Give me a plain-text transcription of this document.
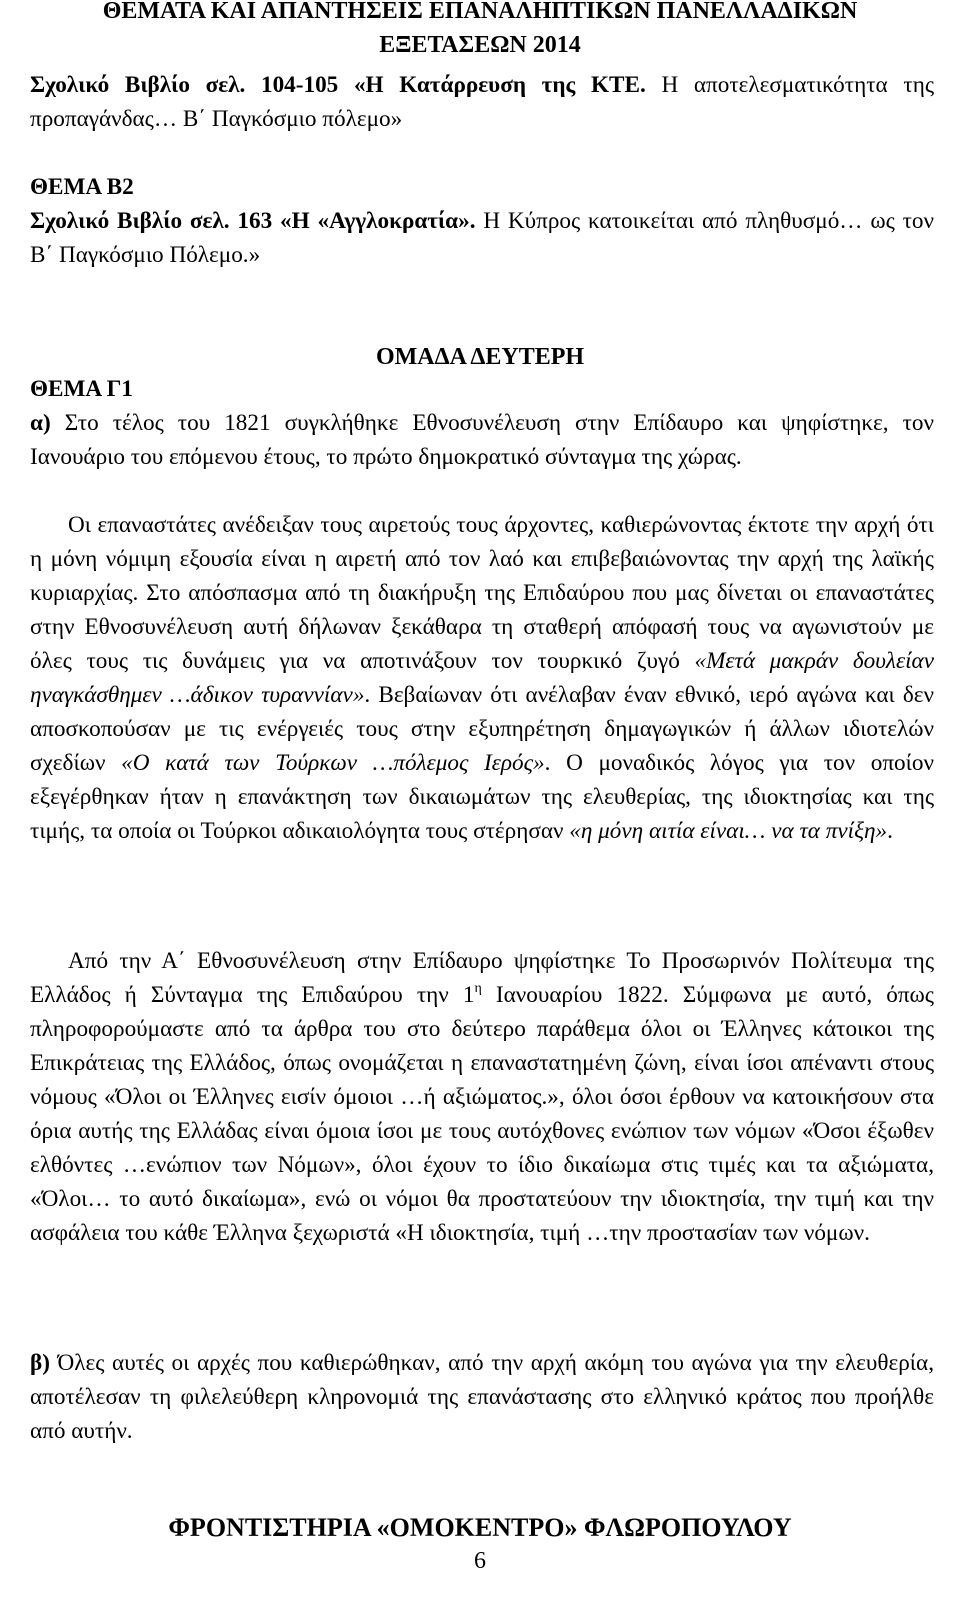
ΘΕΜΑΤΑ ΚΑΙ ΑΠΑΝΤΗΣΕΙΣ ΕΠΑΝΑΛΗΠΤΙΚΩΝ ΠΑΝΕΛΛΑΔΙΚΩΝ
ΕΞΕΤΑΣΕΩΝ 2014
Σχολικό Βιβλίο σελ. 104-105 «Η Κατάρρευση της ΚΤΕ. Η αποτελεσματικότητα της προπαγάνδας… Β΄ Παγκόσμιο πόλεμο»
ΘΕΜΑ Β2
Σχολικό Βιβλίο σελ. 163 «Η «Αγγλοκρατία». Η Κύπρος κατοικείται από πληθυσμό… ως τον Β΄ Παγκόσμιο Πόλεμο.»
ΟΜΑΔΑ ΔΕΥΤΕΡΗ
ΘΕΜΑ Γ1
α) Στο τέλος του 1821 συγκλήθηκε Εθνοσυνέλευση στην Επίδαυρο και ψηφίστηκε, τον Ιανουάριο του επόμενου έτους, το πρώτο δημοκρατικό σύνταγμα της χώρας.
Οι επαναστάτες ανέδειξαν τους αιρετούς τους άρχοντες, καθιερώνοντας έκτοτε την αρχή ότι η μόνη νόμιμη εξουσία είναι η αιρετή από τον λαό και επιβεβαιώνοντας την αρχή της λαϊκής κυριαρχίας. Στο απόσπασμα από τη διακήρυξη της Επιδαύρου που μας δίνεται οι επαναστάτες στην Εθνοσυνέλευση αυτή δήλωναν ξεκάθαρα τη σταθερή απόφασή τους να αγωνιστούν με όλες τους τις δυνάμεις για να αποτινάξουν τον τουρκικό ζυγό «Μετά μακράν δουλείαν ηναγκάσθημεν …άδικον τυραννίαν». Βεβαίωναν ότι ανέλαβαν έναν εθνικό, ιερό αγώνα και δεν αποσκοπούσαν με τις ενέργειές τους στην εξυπηρέτηση δημαγωγικών ή άλλων ιδιοτελών σχεδίων «Ο κατά των Τούρκων …πόλεμος Ιερός». Ο μοναδικός λόγος για τον οποίον εξεγέρθηκαν ήταν η επανάκτηση των δικαιωμάτων της ελευθερίας, της ιδιοκτησίας και της τιμής, τα οποία οι Τούρκοι αδικαιολόγητα τους στέρησαν «η μόνη αιτία είναι… να τα πνίξη».
Από την Α΄ Εθνοσυνέλευση στην Επίδαυρο ψηφίστηκε Το Προσωρινόν Πολίτευμα της Ελλάδος ή Σύνταγμα της Επιδαύρου την $1^\eta$ Ιανουαρίου 1822. Σύμφωνα με αυτό, όπως πληροφορούμαστε από τα άρθρα του στο δεύτερο παράθεμα όλοι οι Έλληνες κάτοικοι της Επικράτειας της Ελλάδος, όπως ονομάζεται η επαναστατημένη ζώνη, είναι ίσοι απέναντι στους νόμους «Όλοι οι Έλληνες εισίν όμοιοι …ή αξιώματος.», όλοι όσοι έρθουν να κατοικήσουν στα όρια αυτής της Ελλάδας είναι όμοια ίσοι με τους αυτόχθονες ενώπιον των νόμων «Όσοι έξωθεν ελθόντες …ενώπιον των Νόμων», όλοι έχουν το ίδιο δικαίωμα στις τιμές και τα αξιώματα, «Όλοι… το αυτό δικαίωμα», ενώ οι νόμοι θα προστατεύουν την ιδιοκτησία, την τιμή και την ασφάλεια του κάθε Έλληνα ξεχωριστά «Η ιδιοκτησία, τιμή …την προστασίαν των νόμων.
β) Όλες αυτές οι αρχές που καθιερώθηκαν, από την αρχή ακόμη του αγώνα για την ελευθερία, αποτέλεσαν τη φιλελεύθερη κληρονομιά της επανάστασης στο ελληνικό κράτος που προήλθε από αυτήν.
ΦΡΟΝΤΙΣΤΗΡΙΑ «ΟΜΟΚΕΝΤΡΟ» ΦΛΩΡΟΠΟΥΛΟΥ
6
